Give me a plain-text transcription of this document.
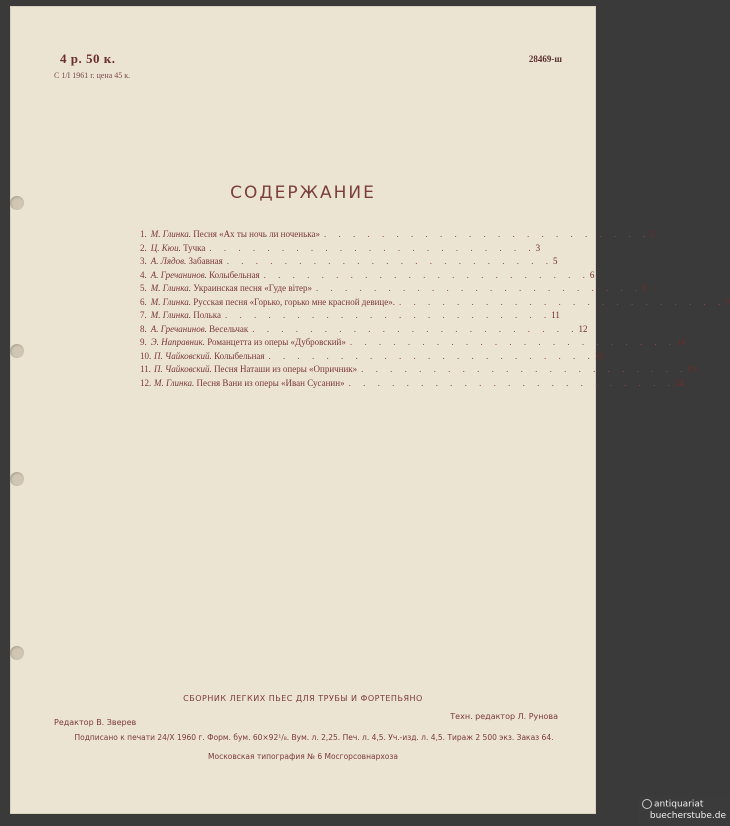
4 р. 50 к.
С 1/I 1961 г. цена 45 к.
28469-ш
СОДЕРЖАНИЕ
1. М. Глинка. Песня «Ах ты ночь ли ноченька» . . . . . . . . . . . . . . . . . . . . . . . 2
2. Ц. Кюи. Тучка . . . . . . . . . . . . . . . . . . . . . . . 3
3. А. Лядов. Забавная . . . . . . . . . . . . . . . . . . . . . . . 5
4. А. Гречанинов. Колыбельная . . . . . . . . . . . . . . . . . . . . . . . 6
5. М. Глинка. Украинская песня «Гуде вiтер» . . . . . . . . . . . . . . . . . . . . . . . 8
6. М. Глинка. Русская песня «Горько, горько мне красной девице». . . . . . . . . . . . . . . . . . . . . . . . 9
7. М. Глинка. Полька . . . . . . . . . . . . . . . . . . . . . . . 11
8. А. Гречанинов. Весельчак . . . . . . . . . . . . . . . . . . . . . . . 12
9. Э. Направник. Романцетта из оперы «Дубровский» . . . . . . . . . . . . . . . . . . . . . . . 14
10. П. Чайковский. Колыбельная . . . . . . . . . . . . . . . . . . . . . . . 16
11. П. Чайковский. Песня Наташи из оперы «Опричник» . . . . . . . . . . . . . . . . . . . . . . . 19
12. М. Глинка. Песня Вани из оперы «Иван Сусанин» . . . . . . . . . . . . . . . . . . . . . . . 24
СБОРНИК ЛЕГКИХ ПЬЕС ДЛЯ ТРУБЫ И ФОРТЕПЬЯНО
Редактор В. Зверев
Техн. редактор Л. Рунова
Подписано к печати 24/X 1960 г. Форм. бум. 60×92¹/₈. Вум. л. 2,25. Печ. л. 4,5. Уч.-изд. л. 4,5. Тираж 2 500 экз. Заказ 64.
Московская типография № 6 Мосгорсовнархоза
antiquariat
buecherstube.de
